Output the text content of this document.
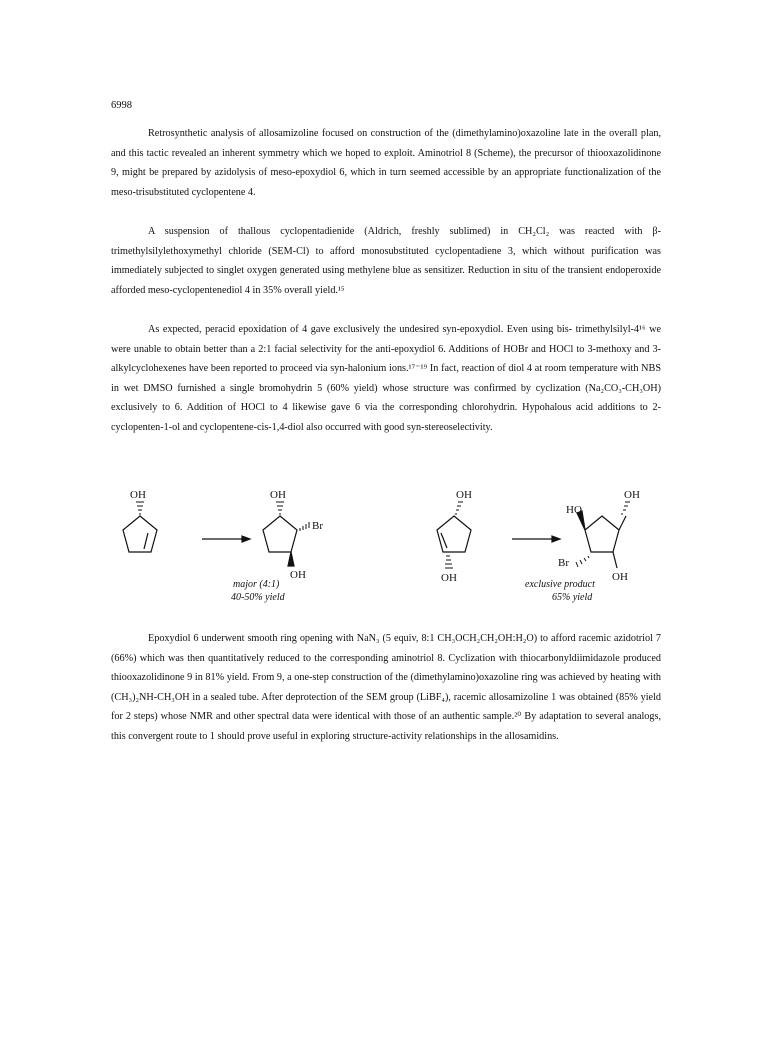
6998

Retrosynthetic analysis of allosamizoline focused on construction of the (dimethylamino)oxazoline late in the overall plan, and this tactic revealed an inherent symmetry which we hoped to exploit. Aminotriol 8 (Scheme), the precursor of thiooxazolidinone 9, might be prepared by azidolysis of meso-epoxydiol 6, which in turn seemed accessible by an appropriate functionalization of the meso-trisubstituted cyclopentene 4.

A suspension of thallous cyclopentadienide (Aldrich, freshly sublimed) in CH₂Cl₂ was reacted with β- trimethylsilylethoxymethyl chloride (SEM-Cl) to afford monosubstituted cyclopentadiene 3, which without purification was immediately subjected to singlet oxygen generated using methylene blue as sensitizer. Reduction in situ of the transient endoperoxide afforded meso-cyclopentenediol 4 in 35% overall yield.¹⁵

As expected, peracid epoxidation of 4 gave exclusively the undesired syn-epoxydiol. Even using bis- trimethylsilyl-4¹⁶ we were unable to obtain better than a 2:1 facial selectivity for the anti-epoxydiol 6. Additions of HOBr and HOCl to 3-methoxy and 3-alkylcyclohexenes have been reported to proceed via syn-halonium ions.¹⁷⁻¹⁹ In fact, reaction of diol 4 at room temperature with NBS in wet DMSO furnished a single bromohydrin 5 (60% yield) whose structure was confirmed by cyclization (Na₂CO₃-CH₃OH) exclusively to 6. Addition of HOCl to 4 likewise gave 6 via the corresponding chlorohydrin. Hypohalous acid additions to 2-cyclopenten-1-ol and cyclopentene-cis-1,4-diol also occurred with good syn-stereoselectivity.

OH	OH
Br
OH
OH
OH
OH
HO
Br
OH
major (4:1)
40-50% yield
exclusive product
65% yield

Epoxydiol 6 underwent smooth ring opening with NaN₃ (5 equiv, 8:1 CH₃OCH₂CH₂OH:H₂O) to afford racemic azidotriol 7 (66%) which was then quantitatively reduced to the corresponding aminotriol 8. Cyclization with thiocarbonyldiimidazole produced thiooxazolidinone 9 in 81% yield. From 9, a one-step construction of the (dimethylamino)oxazoline ring was achieved by heating with (CH₃)₂NH-CH₃OH in a sealed tube. After deprotection of the SEM group (LiBF₄), racemic allosamizoline 1 was obtained (85% yield for 2 steps) whose NMR and other spectral data were identical with those of an authentic sample.²⁰ By adaptation to several analogs, this convergent route to 1 should prove useful in exploring structure-activity relationships in the allosamidins.
